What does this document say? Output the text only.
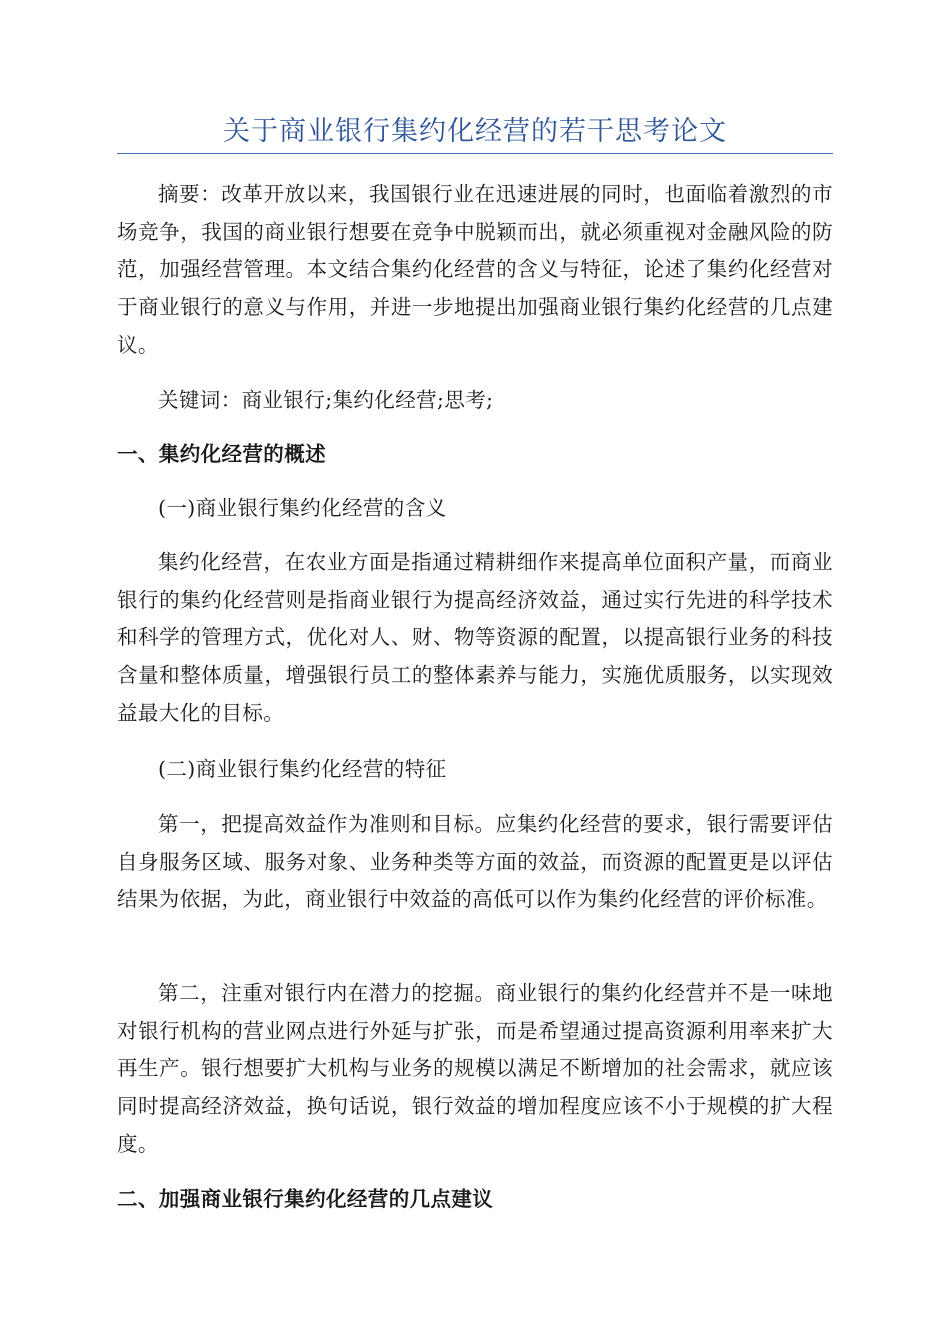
关于商业银行集约化经营的若干思考论文

摘要：改革开放以来，我国银行业在迅速进展的同时，也面临着激烈的市场竞争，我国的商业银行想要在竞争中脱颖而出，就必须重视对金融风险的防范，加强经营管理。本文结合集约化经营的含义与特征，论述了集约化经营对于商业银行的意义与作用，并进一步地提出加强商业银行集约化经营的几点建议。

关键词：商业银行;集约化经营;思考;

一、集约化经营的概述

(一)商业银行集约化经营的含义

集约化经营，在农业方面是指通过精耕细作来提高单位面积产量，而商业银行的集约化经营则是指商业银行为提高经济效益，通过实行先进的科学技术和科学的管理方式，优化对人、财、物等资源的配置，以提高银行业务的科技含量和整体质量，增强银行员工的整体素养与能力，实施优质服务，以实现效益最大化的目标。

(二)商业银行集约化经营的特征

第一，把提高效益作为准则和目标。应集约化经营的要求，银行需要评估自身服务区域、服务对象、业务种类等方面的效益，而资源的配置更是以评估结果为依据，为此，商业银行中效益的高低可以作为集约化经营的评价标准。

第二，注重对银行内在潜力的挖掘。商业银行的集约化经营并不是一味地对银行机构的营业网点进行外延与扩张，而是希望通过提高资源利用率来扩大再生产。银行想要扩大机构与业务的规模以满足不断增加的社会需求，就应该同时提高经济效益，换句话说，银行效益的增加程度应该不小于规模的扩大程度。

二、加强商业银行集约化经营的几点建议
